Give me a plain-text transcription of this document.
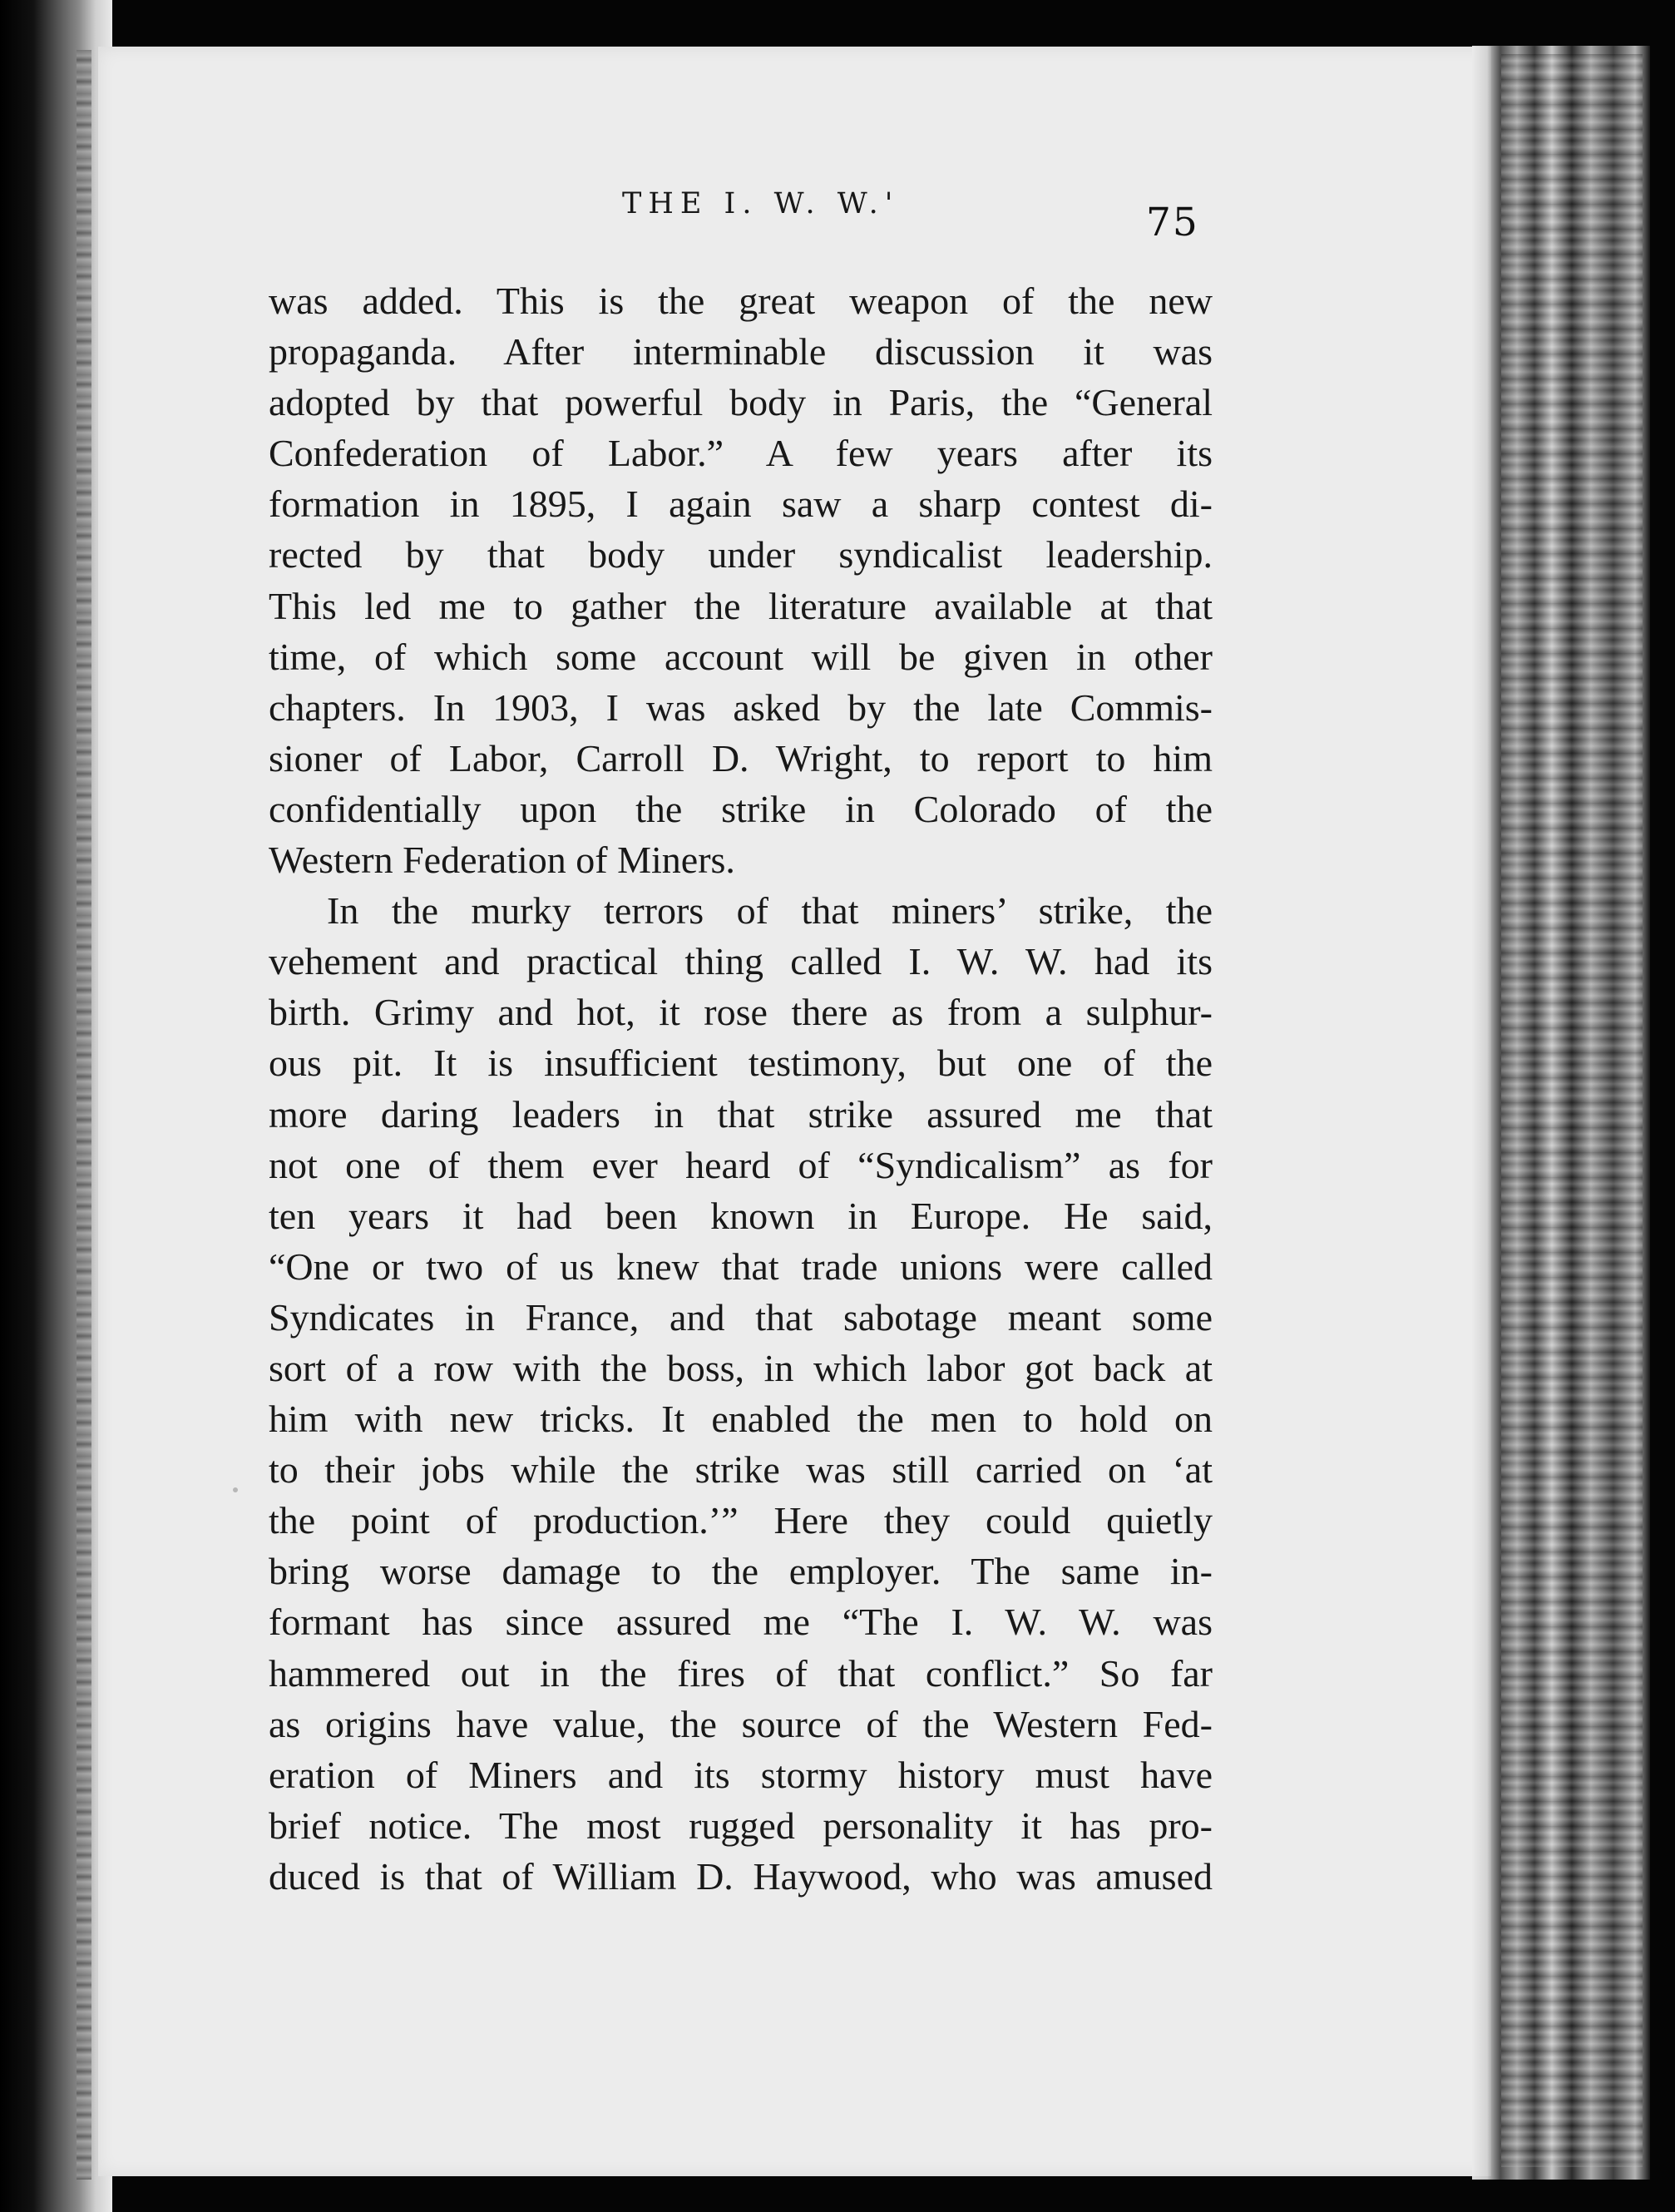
THE I. W. W.'	75
was added. This is the great weapon of the new
propaganda. After interminable discussion it was
adopted by that powerful body in Paris, the “General
Confederation of Labor.” A few years after its
formation in 1895, I again saw a sharp contest di-
rected by that body under syndicalist leadership.
This led me to gather the literature available at that
time, of which some account will be given in other
chapters. In 1903, I was asked by the late Commis-
sioner of Labor, Carroll D. Wright, to report to him
confidentially upon the strike in Colorado of the
Western Federation of Miners.
In the murky terrors of that miners’ strike, the
vehement and practical thing called I. W. W. had its
birth. Grimy and hot, it rose there as from a sulphur-
ous pit. It is insufficient testimony, but one of the
more daring leaders in that strike assured me that
not one of them ever heard of “Syndicalism” as for
ten years it had been known in Europe. He said,
“One or two of us knew that trade unions were called
Syndicates in France, and that sabotage meant some
sort of a row with the boss, in which labor got back at
him with new tricks. It enabled the men to hold on
to their jobs while the strike was still carried on ‘at
the point of production.’” Here they could quietly
bring worse damage to the employer. The same in-
formant has since assured me “The I. W. W. was
hammered out in the fires of that conflict.” So far
as origins have value, the source of the Western Fed-
eration of Miners and its stormy history must have
brief notice. The most rugged personality it has pro-
duced is that of William D. Haywood, who was amused
